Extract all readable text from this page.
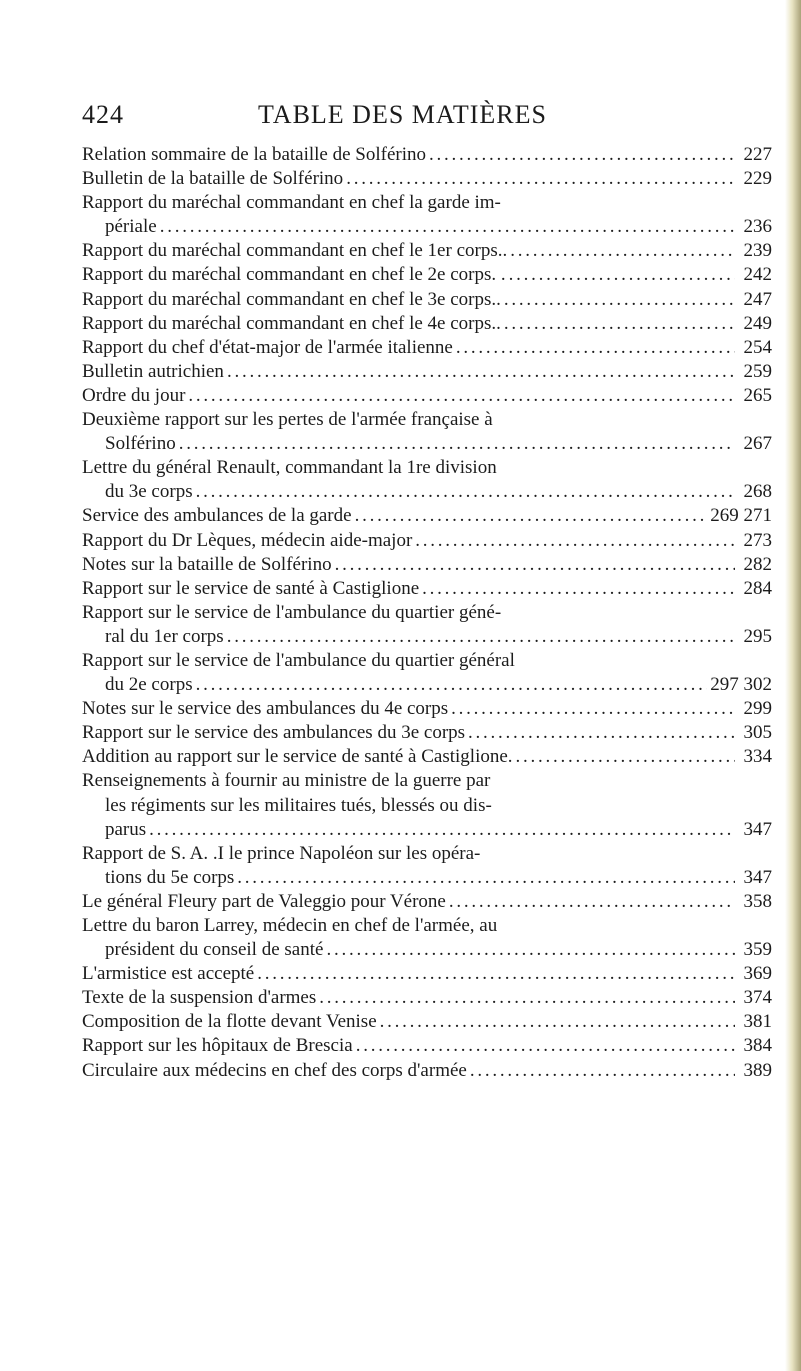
424	TABLE DES MATIÈRES
Relation sommaire de la bataille de Solférino . . .	227
Bulletin de la bataille de Solférino . . .	229
Rapport du maréchal commandant en chef la garde im-
périale . . .	236
Rapport du maréchal commandant en chef le 1er corps.. . . .	239
Rapport du maréchal commandant en chef le 2e corps. . . . .	242
Rapport du maréchal commandant en chef le 3e corps.. . . .	247
Rapport du maréchal commandant en chef le 4e corps.. . . .	249
Rapport du chef d'état-major de l'armée italienne . . .	254
Bulletin autrichien . . .	259
Ordre du jour . . .	265
Deuxième rapport sur les pertes de l'armée française à
Solférino . . .	267
Lettre du général Renault, commandant la 1re division
du 3e corps . . .	268
Service des ambulances de la garde . . .	269 271
Rapport du Dr Lèques, médecin aide-major . . .	273
Notes sur la bataille de Solférino . . .	282
Rapport sur le service de santé à Castiglione . . .	284
Rapport sur le service de l'ambulance du quartier géné-
ral du 1er corps . . .	295
Rapport sur le service de l'ambulance du quartier général
du 2e corps . . .	297 302
Notes sur le service des ambulances du 4e corps . . .	299
Rapport sur le service des ambulances du 3e corps . . .	305
Addition au rapport sur le service de santé à Castiglione. . . .	334
Renseignements à fournir au ministre de la guerre par
les régiments sur les militaires tués, blessés ou dis-
parus . . .	347
Rapport de S. A. .I le prince Napoléon sur les opéra-
tions du 5e corps . . .	347
Le général Fleury part de Valeggio pour Vérone . . .	358
Lettre du baron Larrey, médecin en chef de l'armée, au
président du conseil de santé . . .	359
L'armistice est accepté . . .	369
Texte de la suspension d'armes . . .	374
Composition de la flotte devant Venise . . .	381
Rapport sur les hôpitaux de Brescia . . .	384
Circulaire aux médecins en chef des corps d'armée . . .	389
